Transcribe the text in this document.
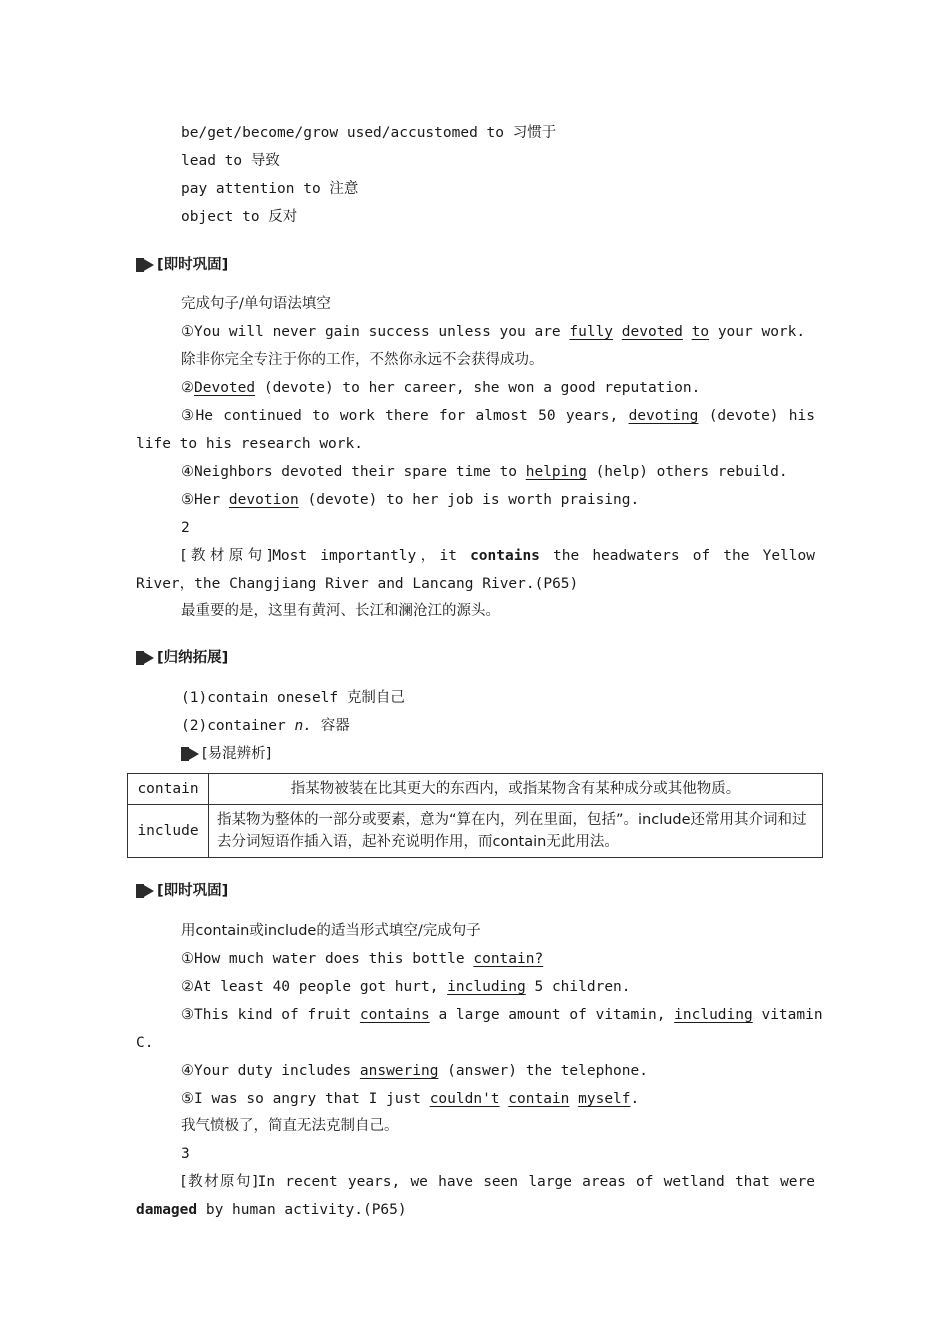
be/get/become/grow used/accustomed to 习惯于
lead to 导致
pay attention to 注意
object to 反对
[即时巩固]
完成句子/单句语法填空
①You will never gain success unless you are fully devoted to your work.
除非你完全专注于你的工作，不然你永远不会获得成功。
②Devoted (devote) to her career, she won a good reputation.
③He continued to work there for almost 50 years, devoting (devote) his
life to his research work.
④Neighbors devoted their spare time to helping (help) others rebuild.
⑤Her devotion (devote) to her job is worth praising.
2
[教材原句]Most importantly，it contains the headwaters of the Yellow
River，the Changjiang River and Lancang River.(P65)
最重要的是，这里有黄河、长江和澜沧江的源头。
[归纳拓展]
(1)contain oneself 克制自己
(2)container n. 容器
[易混辨析]
contain	指某物被装在比其更大的东西内，或指某物含有某种成分或其他物质。
include	指某物为整体的一部分或要素，意为“算在内，列在里面，包括”。include还常用其介词和过去分词短语作插入语，起补充说明作用，而contain无此用法。
[即时巩固]
用contain或include的适当形式填空/完成句子
①How much water does this bottle contain?
②At least 40 people got hurt, including 5 children.
③This kind of fruit contains a large amount of vitamin, including vitamin
C.
④Your duty includes answering (answer) the telephone.
⑤I was so angry that I just couldn't contain myself.
我气愤极了，简直无法克制自己。
3
[教材原句]In recent years, we have seen large areas of wetland that were
damaged by human activity.(P65)
